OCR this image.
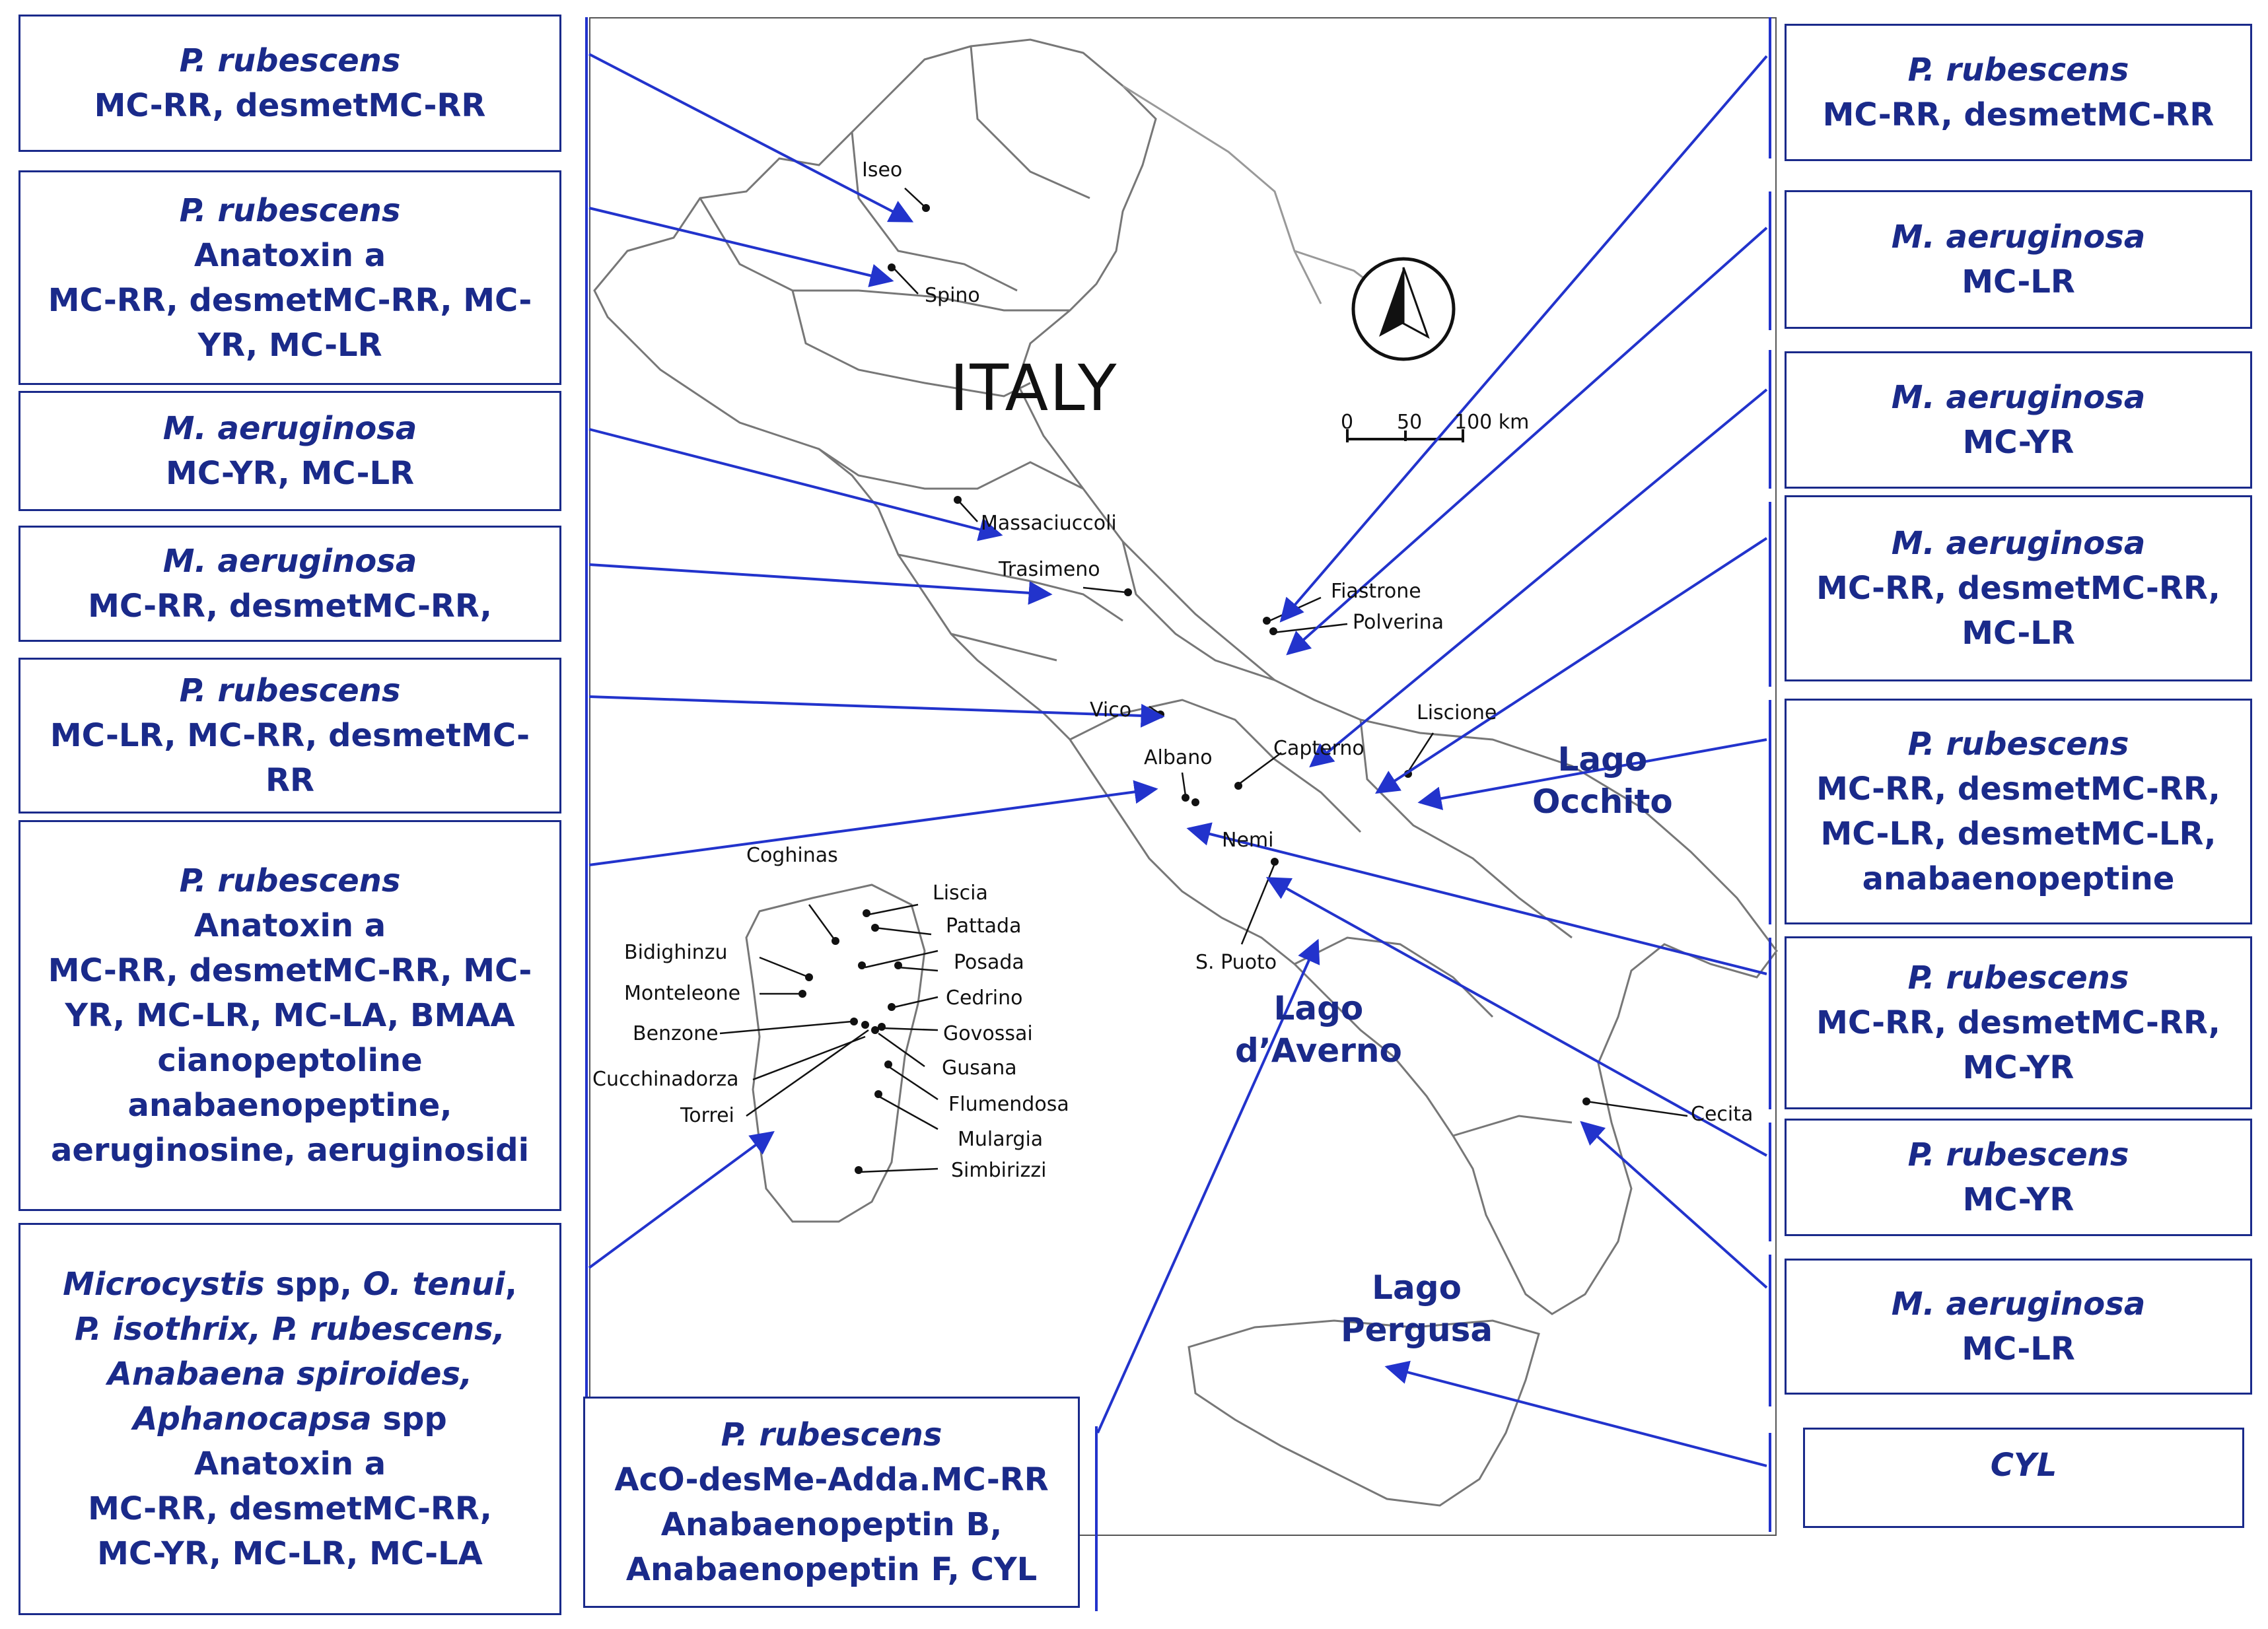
ITALY	0 50 100 km
Iseo
Spino
Massaciuccoli
Trasimeno
Fiastrone
Polverina
Vico
Albano	Capterno
Liscione
Nemi
S. Puoto
Cecita
Coghinas
Liscia
Pattada
Posada
Bidighinzu
Monteleone	Cedrino
Benzone	Govossai
Gusana
Cucchinadorza
Flumendosa
Torrei
Mulargia
Simbirizzi
Lago
Occhito
Lago
d’Averno
Lago
Pergusa
P. rubescens
MC-RR, desmetMC-RR
P. rubescens
Anatoxin a
MC-RR, desmetMC-RR, MC-
YR, MC-LR
M. aeruginosa
MC-YR, MC-LR
M. aeruginosa
MC-RR, desmetMC-RR,
P. rubescens
MC-LR, MC-RR, desmetMC-
RR
P. rubescens
Anatoxin a
MC-RR, desmetMC-RR, MC-
YR, MC-LR, MC-LA, BMAA
cianopeptoline
anabaenopeptine,
aeruginosine, aeruginosidi
Microcystis spp, O. tenui,
P. isothrix, P. rubescens,
Anabaena spiroides,
Aphanocapsa spp
Anatoxin a
MC-RR, desmetMC-RR,
MC-YR, MC-LR, MC-LA
P. rubescens
AcO-desMe-Adda.MC-RR
Anabaenopeptin B,
Anabaenopeptin F, CYL
P. rubescens
MC-RR, desmetMC-RR
M. aeruginosa
MC-LR
M. aeruginosa
MC-YR
M. aeruginosa
MC-RR, desmetMC-RR,
MC-LR
P. rubescens
MC-RR, desmetMC-RR,
MC-LR, desmetMC-LR,
anabaenopeptine
P. rubescens
MC-RR, desmetMC-RR,
MC-YR
P. rubescens
MC-YR
M. aeruginosa
MC-LR
CYL
